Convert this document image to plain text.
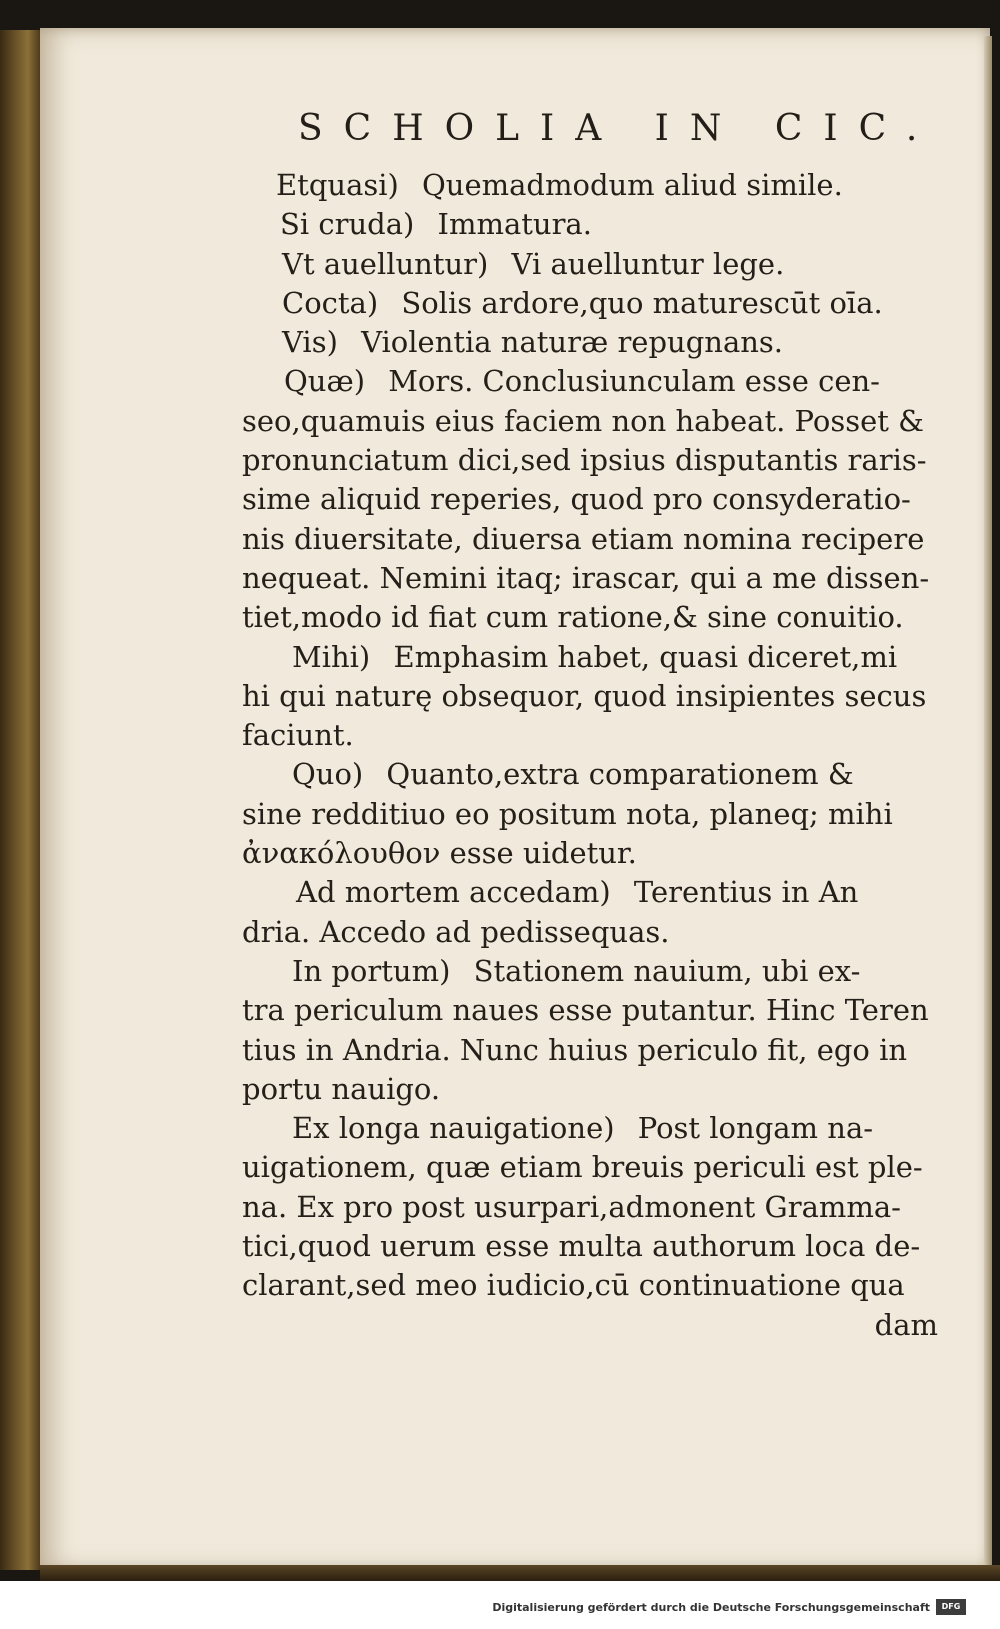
SCHOLIA IN CIC.
Etquasi) Quemadmodum aliud simile.
Si cruda) Immatura.
Vt auelluntur) Vi auelluntur lege.
Cocta) Solis ardore,quo maturescūt oīa.
Vis) Violentia naturæ repugnans.
Quæ) Mors. Conclusiunculam esse cen-
seo,quamuis eius faciem non habeat. Posset &
pronunciatum dici,sed ipsius disputantis raris-
sime aliquid reperies, quod pro consyderatio-
nis diuersitate, diuersa etiam nomina recipere
nequeat. Nemini itaq; irascar, qui a me dissen-
tiet,modo id fiat cum ratione,& sine conuitio.
Mihi) Emphasim habet, quasi diceret,mi
hi qui naturę obsequor, quod insipientes secus
faciunt.
Quo) Quanto,extra comparationem &
sine redditiuo eo positum nota, planeq; mihi
ἀνακόλουθον esse uidetur.
Ad mortem accedam) Terentius in An
dria. Accedo ad pedissequas.
In portum) Stationem nauium, ubi ex-
tra periculum naues esse putantur. Hinc Teren
tius in Andria. Nunc huius periculo fit, ego in
portu nauigo.
Ex longa nauigatione) Post longam na-
uigationem, quæ etiam breuis periculi est ple-
na. Ex pro post usurpari,admonent Gramma-
tici,quod uerum esse multa authorum loca de-
clarant,sed meo iudicio,cū continuatione qua
dam
Digitalisierung gefördert durch die Deutsche Forschungsgemeinschaft	DFG
